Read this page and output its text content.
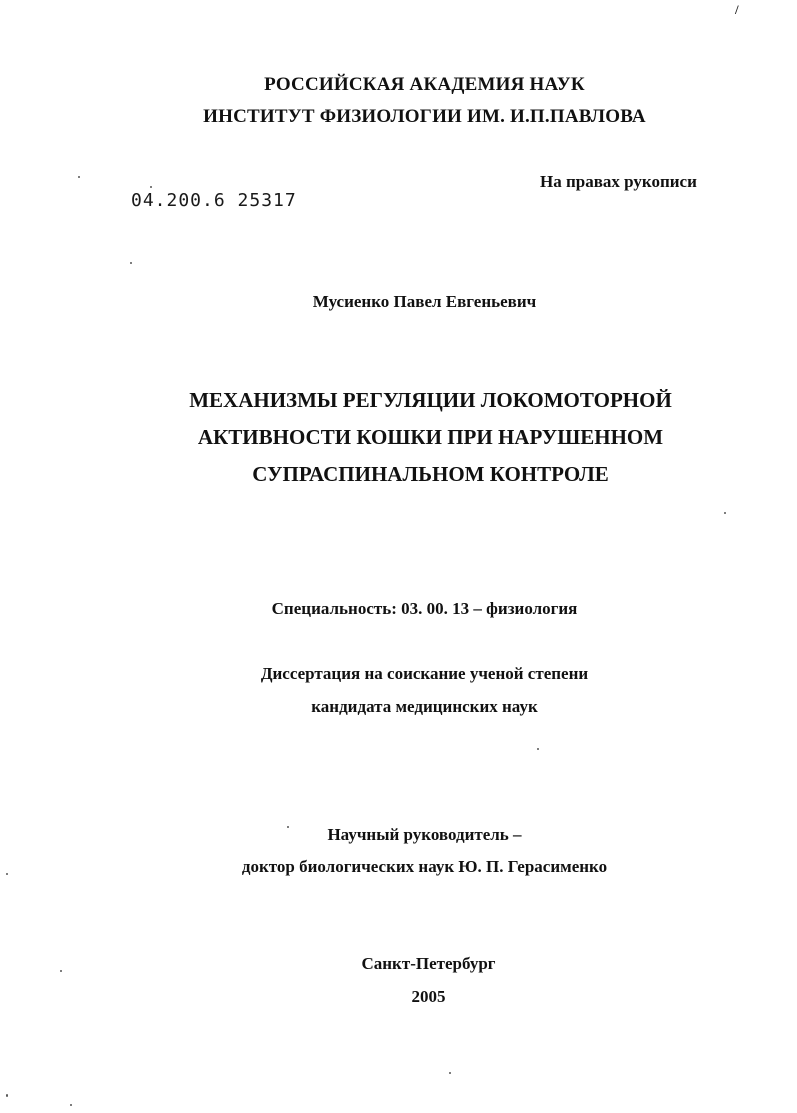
/
РОССИЙСКАЯ АКАДЕМИЯ НАУК
ИНСТИТУТ ФИЗИОЛОГИИ ИМ. И.П.ПАВЛОВА
На правах рукописи
04.200.6 25317
Мусиенко Павел Евгеньевич
МЕХАНИЗМЫ РЕГУЛЯЦИИ ЛОКОМОТОРНОЙ
АКТИВНОСТИ КОШКИ ПРИ НАРУШЕННОМ
СУПРАСПИНАЛЬНОМ КОНТРОЛЕ
Специальность: 03. 00. 13 – физиология
Диссертация на соискание ученой степени
кандидата медицинских наук
Научный руководитель –
доктор биологических наук Ю. П. Герасименко
Санкт-Петербург
2005
